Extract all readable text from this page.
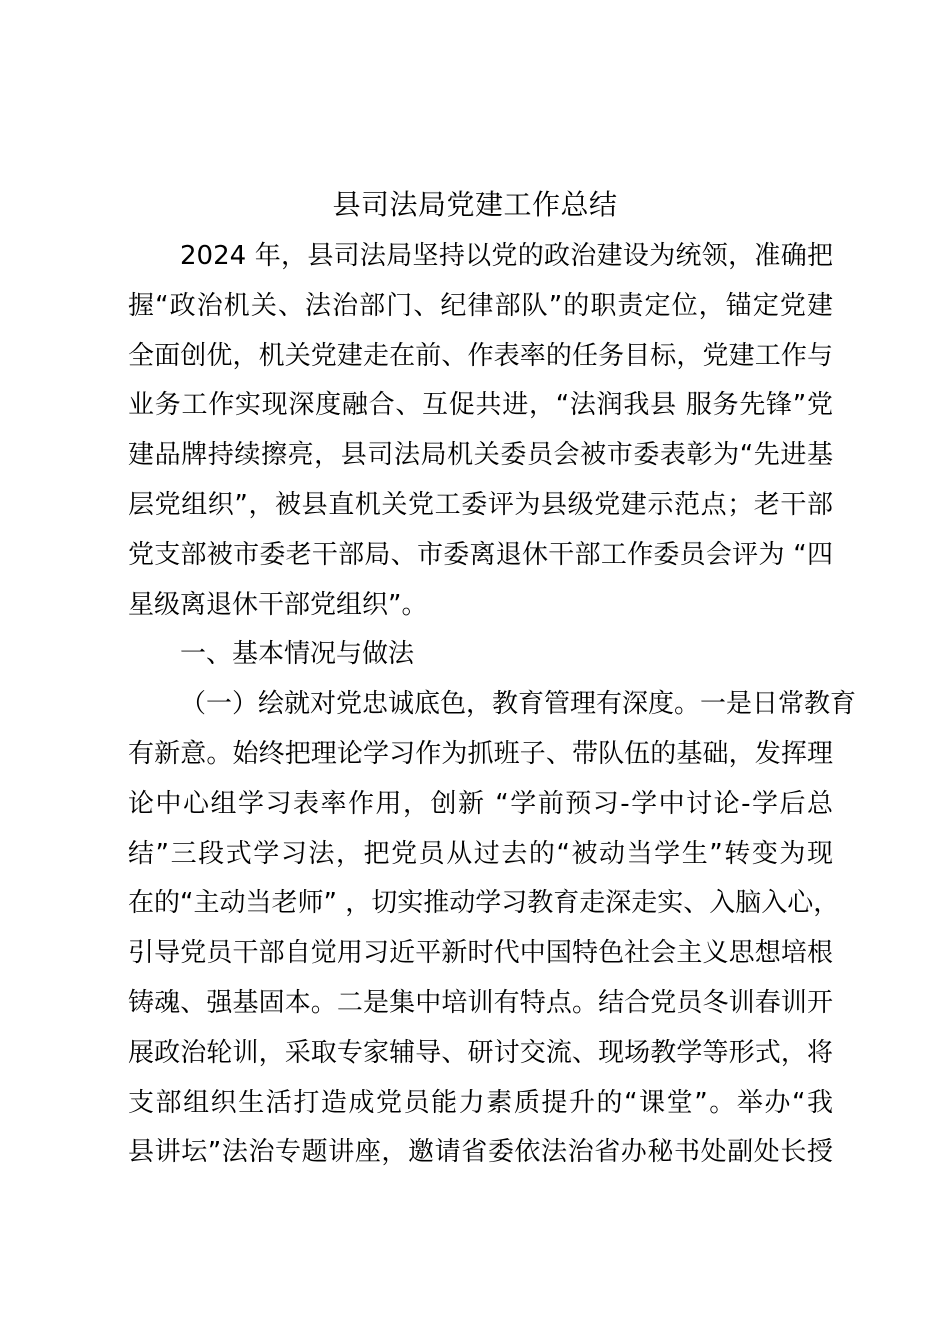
县司法局党建工作总结
2024 年，县司法局坚持以党的政治建设为统领，准确把
握“政治机关、法治部门、纪律部队”的职责定位，锚定党建
全面创优，机关党建走在前、作表率的任务目标，党建工作与
业务工作实现深度融合、互促共进，“法润我县 服务先锋”党
建品牌持续擦亮，县司法局机关委员会被市委表彰为“先进基
层党组织”，被县直机关党工委评为县级党建示范点；老干部
党支部被市委老干部局、市委离退休干部工作委员会评为 “四
星级离退休干部党组织”。
一、基本情况与做法
（一）绘就对党忠诚底色，教育管理有深度。一是日常教育
有新意。始终把理论学习作为抓班子、带队伍的基础，发挥理
论中心组学习表率作用，创新 “学前预习-学中讨论-学后总
结”三段式学习法，把党员从过去的“被动当学生”转变为现
在的“主动当老师” ，切实推动学习教育走深走实、入脑入心，
引导党员干部自觉用习近平新时代中国特色社会主义思想培根
铸魂、强基固本。二是集中培训有特点。结合党员冬训春训开
展政治轮训，采取专家辅导、研讨交流、现场教学等形式，将
支部组织生活打造成党员能力素质提升的“课堂”。举办“我
县讲坛”法治专题讲座，邀请省委依法治省办秘书处副处长授
